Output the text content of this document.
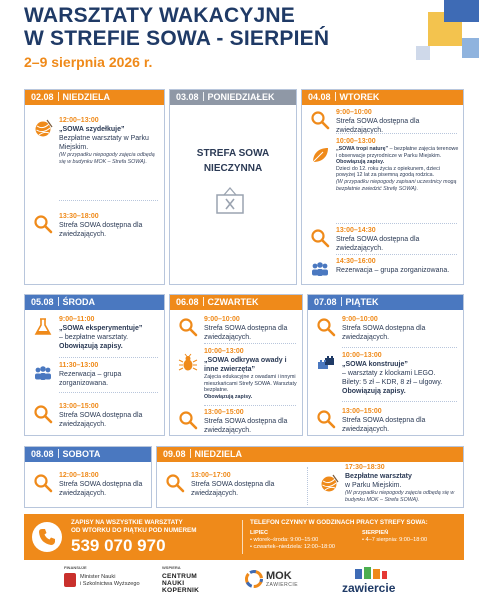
WARSZTATY WAKACYJNE
W STREFIE SOWA - SIERPIEŃ
2–9 sierpnia 2026 r.
02.08 NIEDZIELA
12:00–13:00
„SOWA szydełkuje”
Bezpłatne warsztaty w Parku Miejskim.
(W przypadku niepogody zajęcia odbędą się w budynku MOK – Strefa SOWA).
13:30–18:00
Strefa SOWA dostępna dla zwiedzających.
03.08 PONIEDZIAŁEK
STREFA SOWA
NIECZYNNA
04.08 WTOREK
9:00–10:00
Strefa SOWA dostępna dla zwiedzających.
10:00–13:00
„SOWA tropi naturę” – bezpłatne zajęcia terenowe i obserwacje przyrodnicze w Parku Miejskim. Obowiązują zapisy.
Dzieci do 12. roku życia z opiekunem, dzieci powyżej 12 lat za pisemną zgodą rodzica.
(W przypadku niepogody zapisani uczestnicy mogą bezpłatnie zwiedzić Strefę SOWA).
13:00–14:30
Strefa SOWA dostępna dla zwiedzających.
14:30–16:00
Rezerwacja – grupa zorganizowana.
05.08 ŚRODA
9:00–11:00
„SOWA eksperymentuje”
– bezpłatne warsztaty.
Obowiązują zapisy.
11:30–13:00
Rezerwacja – grupa zorganizowana.
13:00–15:00
Strefa SOWA dostępna dla zwiedzających.
06.08 CZWARTEK
9:00–10:00
Strefa SOWA dostępna dla zwiedzających.
10:00–13:00
„SOWA odkrywa owady i inne zwierzęta”
Zajęcia edukacyjne z owadami i innymi mieszkańcami Strefy SOWA. Warsztaty bezpłatne.
Obowiązują zapisy.
13:00–15:00
Strefa SOWA dostępna dla zwiedzających.
07.08 PIĄTEK
9:00–10:00
Strefa SOWA dostępna dla zwiedzających.
10:00–13:00
„SOWA konstruuje”
– warsztaty z klockami LEGO.
Bilety: 5 zł – KDR, 8 zł – ulgowy.
Obowiązują zapisy.
13:00–15:00
Strefa SOWA dostępna dla zwiedzających.
08.08 SOBOTA
12:00–18:00
Strefa SOWA dostępna dla zwiedzających.
09.08 NIEDZIELA
13:00–17:00
Strefa SOWA dostępna dla zwiedzających.
17:30–18:30
Bezpłatne warsztaty
w Parku Miejskim.
(W przypadku niepogody zajęcia odbędą się w budynku MOK – Strefa SOWA).
ZAPISY NA WSZYSTKIE WARSZTATY
OD WTORKU DO PIĄTKU POD NUMEREM
539 070 970
TELEFON CZYNNY W GODZINACH PRACY STREFY SOWA:
LIPIEC
• wtorek–środa: 9:00–15:00
• czwartek–niedziela: 12:00–18:00
SIERPIEŃ
• 4–7 sierpnia: 9:00–18:00
FINANSUJE
Minister Nauki
i Szkolnictwa Wyższego
WSPIERA
CENTRUM
NAUKI
KOPERNIK
MOK
ZAWIERCIE	zawiercie
